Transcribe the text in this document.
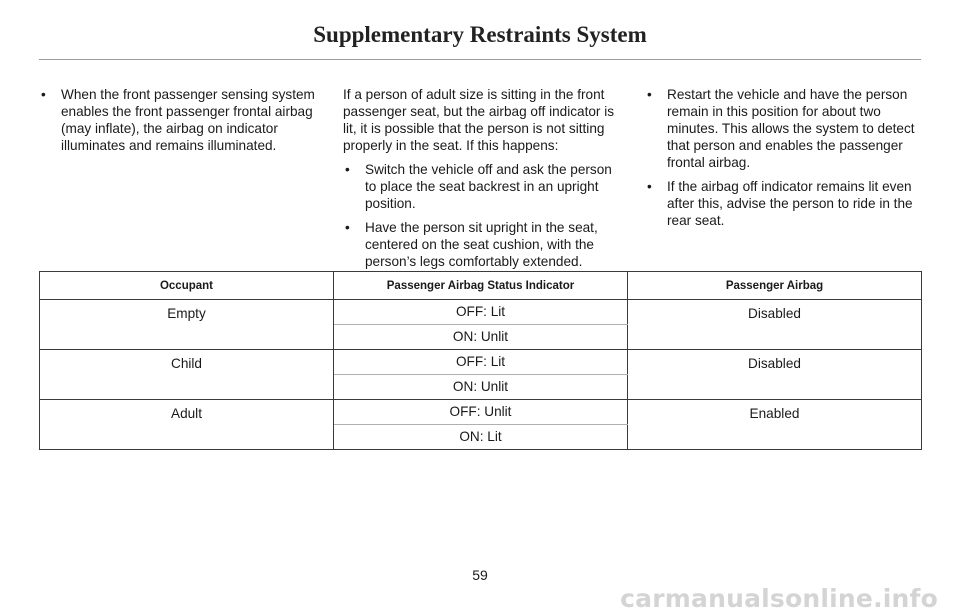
Supplementary Restraints System
• When the front passenger sensing system enables the front passenger frontal airbag (may inflate), the airbag on indicator illuminates and remains illuminated.

If a person of adult size is sitting in the front passenger seat, but the airbag off indicator is lit, it is possible that the person is not sitting properly in the seat. If this happens:

• Switch the vehicle off and ask the person to place the seat backrest in an upright position.
• Have the person sit upright in the seat, centered on the seat cushion, with the person’s legs comfortably extended.
• Restart the vehicle and have the person remain in this position for about two minutes. This allows the system to detect that person and enables the passenger frontal airbag.
• If the airbag off indicator remains lit even after this, advise the person to ride in the rear seat.
Occupant	Passenger Airbag Status Indicator	Passenger Airbag

Empty	OFF: Lit	Disabled

	ON: Unlit	

Child	OFF: Lit	Disabled

	ON: Unlit	

Adult	OFF: Unlit	Enabled

	ON: Lit	
59
carmanualsonline.info
